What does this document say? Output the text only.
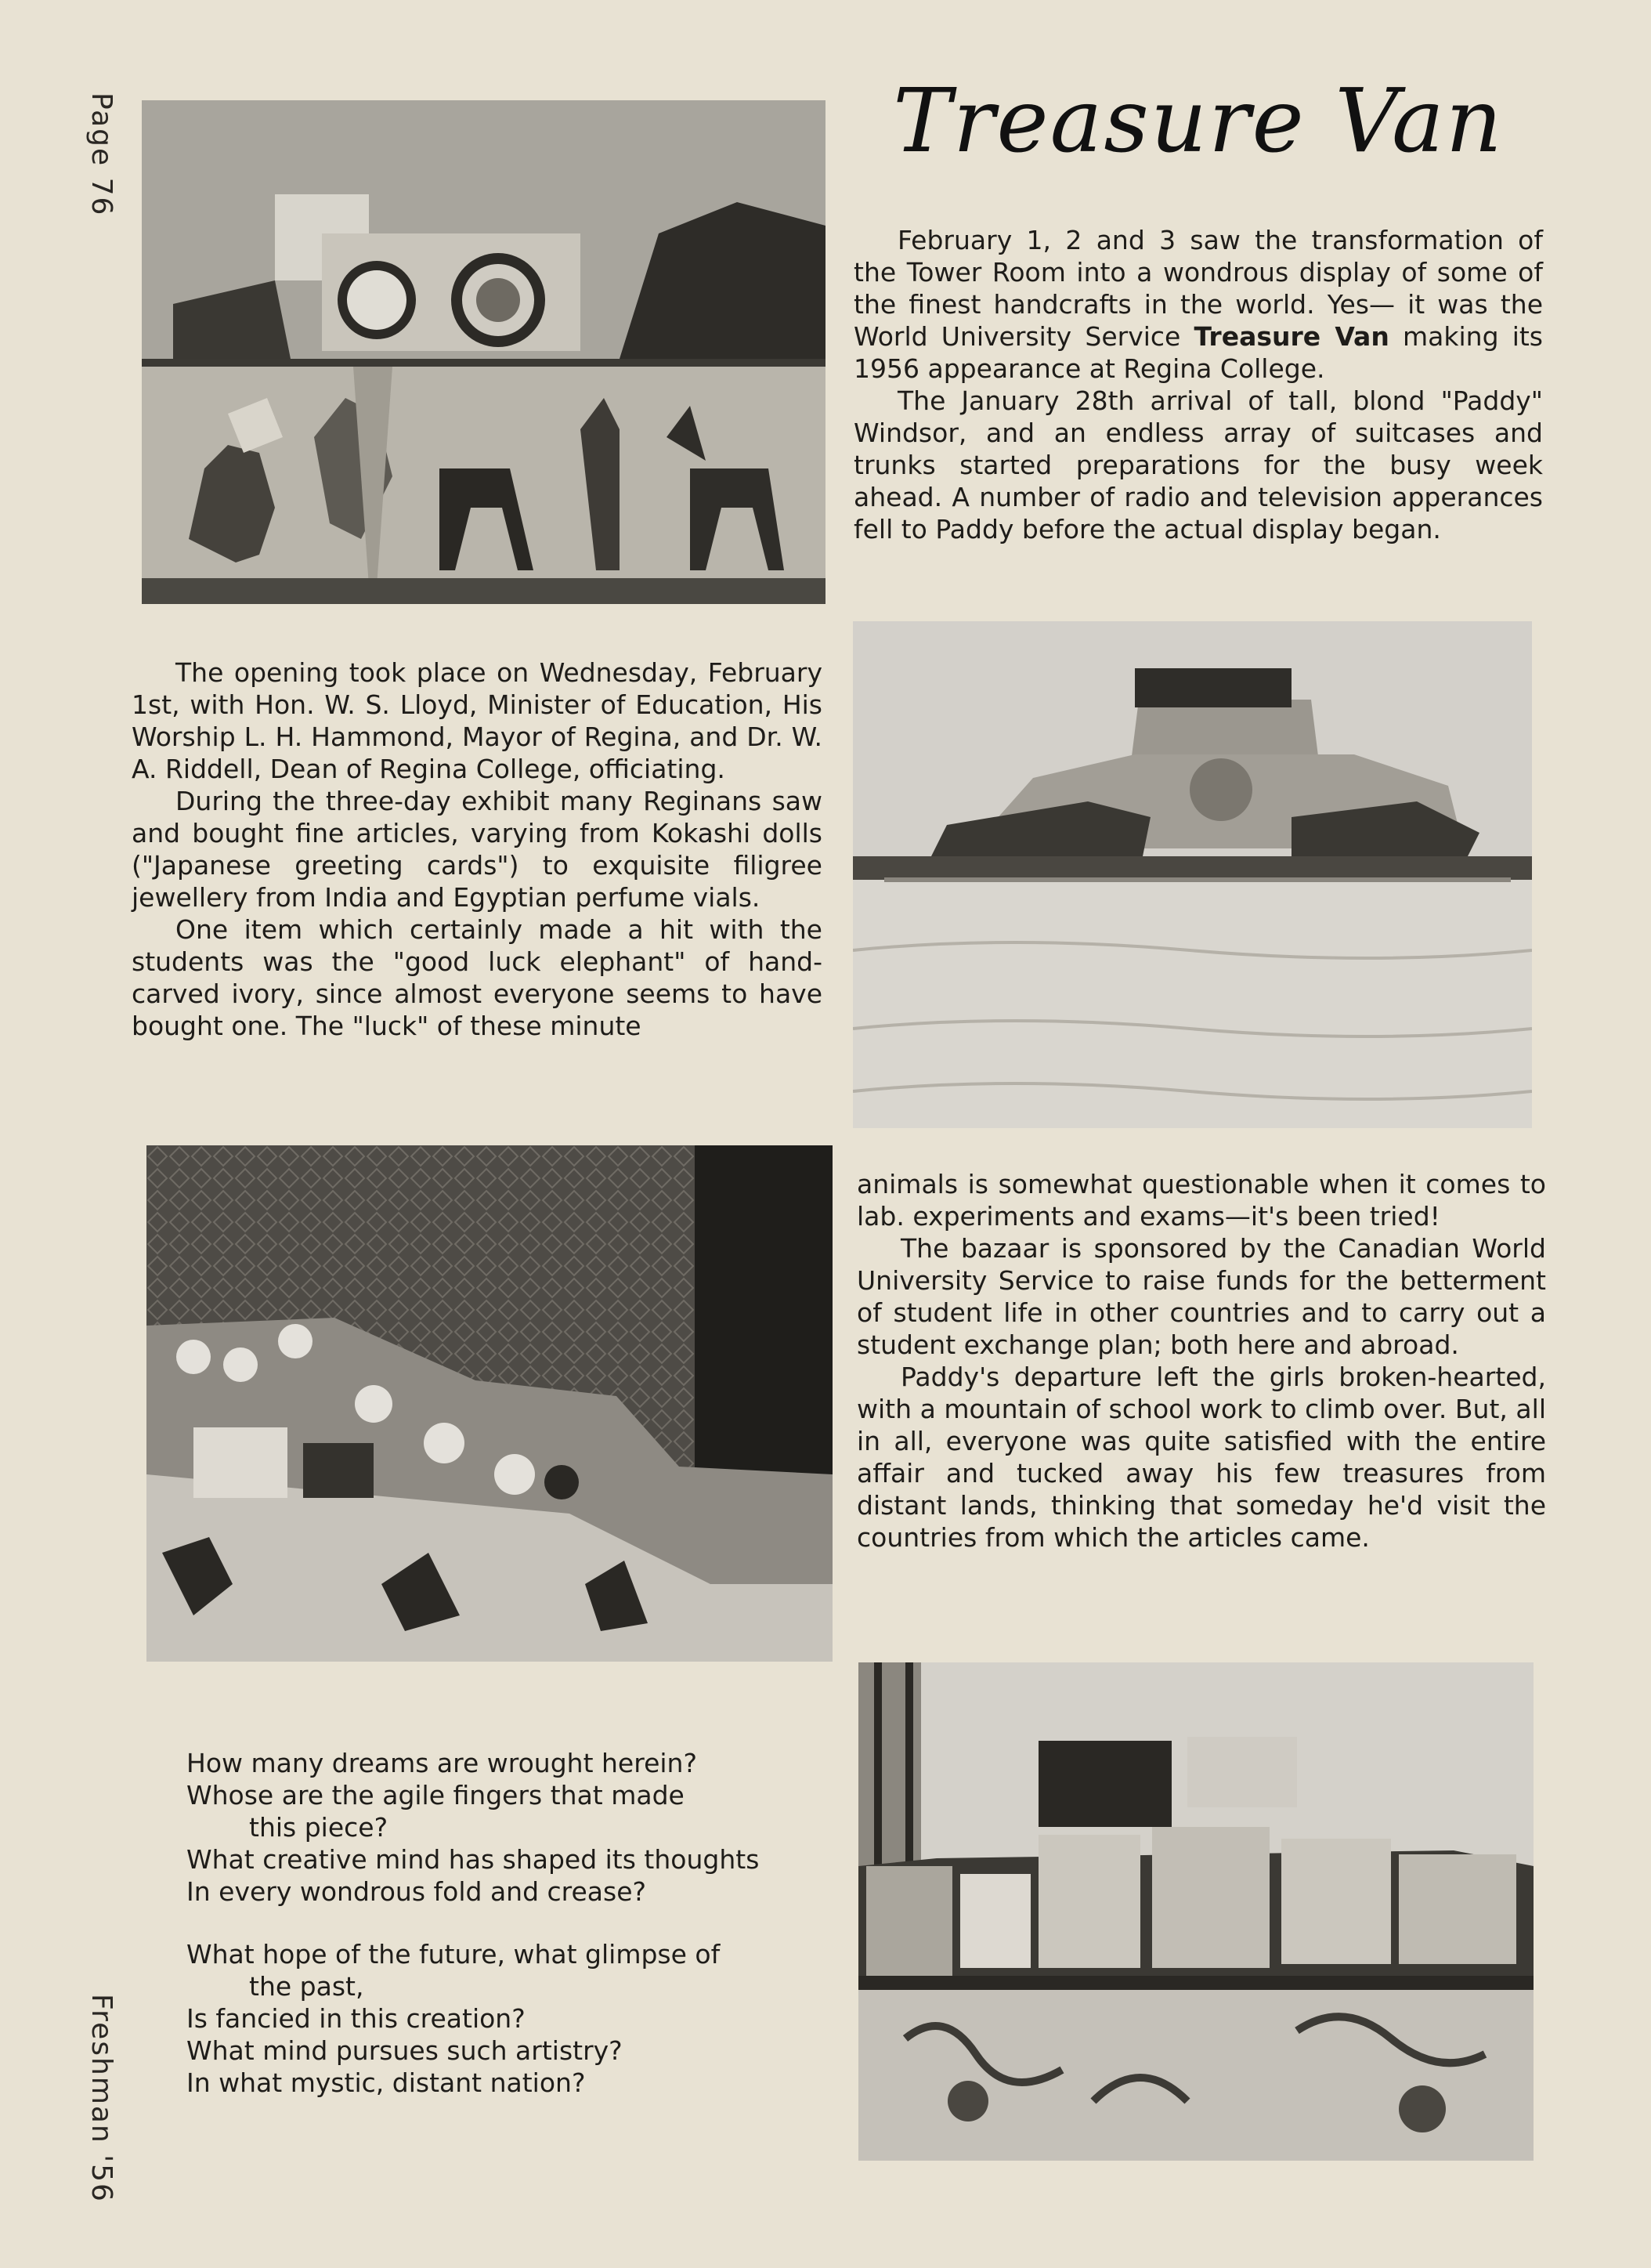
Page 76
Freshman '56
Treasure Van

February 1, 2 and 3 saw the transformation of the Tower Room into a wondrous display of some of the finest handcrafts in the world. Yes— it was the World University Service Treasure Van making its 1956 appearance at Regina College.

The January 28th arrival of tall, blond "Paddy" Windsor, and an endless array of suitcases and trunks started preparations for the busy week ahead. A number of radio and television apperances fell to Paddy before the actual display began.

The opening took place on Wednesday, February 1st, with Hon. W. S. Lloyd, Minister of Education, His Worship L. H. Hammond, Mayor of Regina, and Dr. W. A. Riddell, Dean of Regina College, officiating.

During the three-day exhibit many Reginans saw and bought fine articles, varying from Kokashi dolls ("Japanese greeting cards") to exquisite filigree jewellery from India and Egyptian perfume vials.

One item which certainly made a hit with the students was the "good luck elephant" of hand-carved ivory, since almost everyone seems to have bought one. The "luck" of these minute

animals is somewhat questionable when it comes to lab. experiments and exams—it's been tried!

The bazaar is sponsored by the Canadian World University Service to raise funds for the betterment of student life in other countries and to carry out a student exchange plan; both here and abroad.

Paddy's departure left the girls broken-hearted, with a mountain of school work to climb over. But, all in all, everyone was quite satisfied with the entire affair and tucked away his few treasures from distant lands, thinking that someday he'd visit the countries from which the articles came.

How many dreams are wrought herein?
Whose are the agile fingers that made
this piece?
What creative mind has shaped its thoughts
In every wondrous fold and crease?
What hope of the future, what glimpse of
the past,
Is fancied in this creation?
What mind pursues such artistry?
In what mystic, distant nation?
